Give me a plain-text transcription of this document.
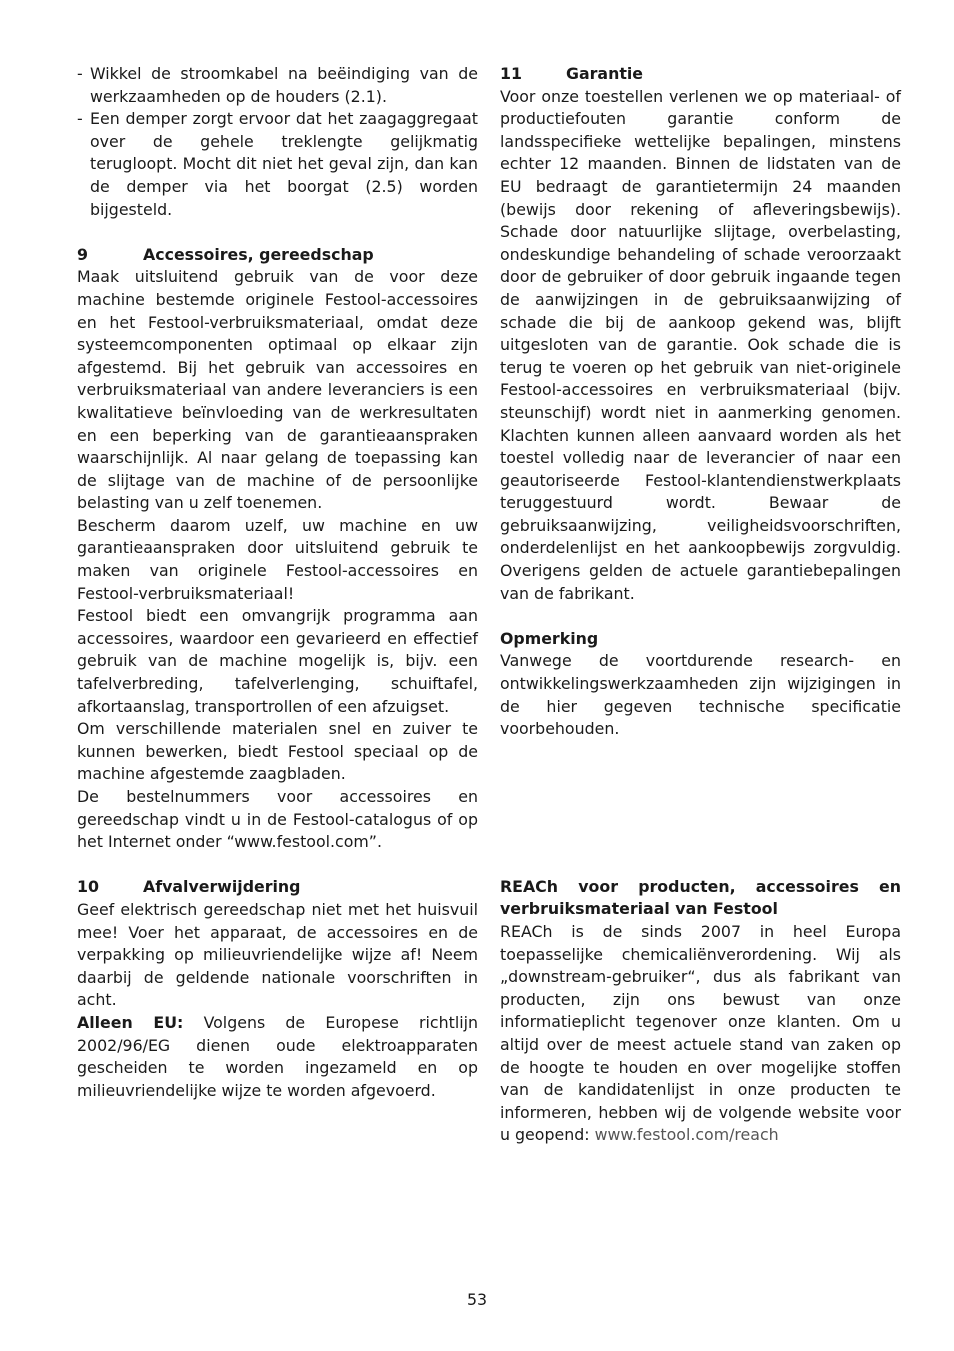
- Wikkel de stroomkabel na beëindiging van de werkzaamheden op de houders (2.1).

- Een demper zorgt ervoor dat het zaagaggregaat over de gehele treklengte gelijkmatig terugloopt. Mocht dit niet het geval zijn, dan kan de demper via het boorgat (2.5) worden bijgesteld.

9	Accessoires, gereedschap

Maak uitsluitend gebruik van de voor deze machine bestemde originele Festool-accessoires en het Festool-verbruiksmateriaal, omdat deze systeemcomponenten optimaal op elkaar zijn afgestemd. Bij het gebruik van accessoires en verbruiksmateriaal van andere leveranciers is een kwalitatieve beïnvloeding van de werkresultaten en een beperking van de garantieaanspraken waarschijnlijk. Al naar gelang de toepassing kan de slijtage van de machine of de persoonlijke belasting van u zelf toenemen.

Bescherm daarom uzelf, uw machine en uw garantieaanspraken door uitsluitend gebruik te maken van originele Festool-accessoires en Festool-verbruiksmateriaal!

Festool biedt een omvangrijk programma aan accessoires, waardoor een gevarieerd en effectief gebruik van de machine mogelijk is, bijv. een tafelverbreding, tafelverlenging, schuiftafel, afkortaanslag, transportrollen of een afzuigset.

Om verschillende materialen snel en zuiver te kunnen bewerken, biedt Festool speciaal op de machine afgestemde zaagbladen.

De bestelnummers voor accessoires en gereedschap vindt u in de Festool-catalogus of op het Internet onder “www.festool.com”.

10	Afvalverwijdering

Geef elektrisch gereedschap niet met het huisvuil mee! Voer het apparaat, de accessoires en de verpakking op milieuvriendelijke wijze af! Neem daarbij de geldende nationale voorschriften in acht.

Alleen EU: Volgens de Europese richtlijn 2002/96/EG dienen oude elektroapparaten gescheiden te worden ingezameld en op milieuvriendelijke wijze te worden afgevoerd.

11	Garantie

Voor onze toestellen verlenen we op materiaal- of productiefouten garantie conform de landsspecifieke wettelijke bepalingen, minstens echter 12 maanden. Binnen de lidstaten van de EU bedraagt de garantietermijn 24 maanden (bewijs door rekening of afleveringsbewijs). Schade door natuurlijke slijtage, overbelasting, ondeskundige behandeling of schade veroorzaakt door de gebruiker of door gebruik ingaande tegen de aanwijzingen in de gebruiksaanwijzing of schade die bij de aankoop gekend was, blijft uitgesloten van de garantie. Ook schade die is terug te voeren op het gebruik van niet-originele Festool-accessoires en verbruiksmateriaal (bijv. steunschijf) wordt niet in aanmerking genomen. Klachten kunnen alleen aanvaard worden als het toestel volledig naar de leverancier of naar een geautoriseerde Festool-klantendienstwerkplaats teruggestuurd wordt. Bewaar de gebruiksaanwijzing, veiligheidsvoorschriften, onderdelenlijst en het aankoopbewijs zorgvuldig. Overigens gelden de actuele garantiebepalingen van de fabrikant.

Opmerking

Vanwege de voortdurende research- en ontwikkelingswerkzaamheden zijn wijzigingen in de hier gegeven technische specificatie voorbehouden.

REACh voor producten, accessoires en verbruiksmateriaal van Festool

REACh is de sinds 2007 in heel Europa toepasselijke chemicaliënverordening. Wij als „downstream-gebruiker“, dus als fabrikant van producten, zijn ons bewust van onze informatieplicht tegenover onze klanten. Om u altijd over de meest actuele stand van zaken op de hoogte te houden en over mogelijke stoffen van de kandidatenlijst in onze producten te informeren, hebben wij de volgende website voor u geopend: www.festool.com/reach

53
